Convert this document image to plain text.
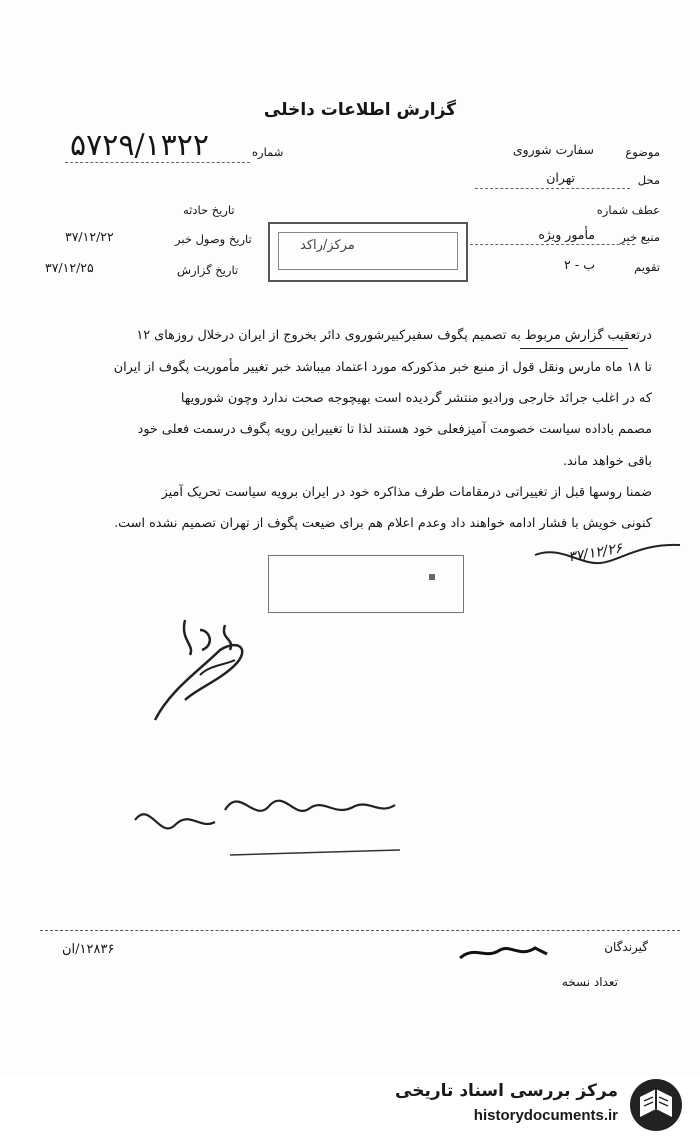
گزارش اطلاعات داخلی
شماره
۵۷۲۹/۱۳۲۲	موضوع
سفارت شوروی
محل
تهران
عطف شماره
منبع خبر
مأمور ویژه
تقویم
ب - ۲
تاریخ حادثه
تاریخ وصول خبر
۳۷/۱۲/۲۲
تاریخ گزارش
۳۷/۱۲/۲۵
مرکز/راکد
درتعقیب گزارش مربوط به تصمیم پگوف سفیرکبیرشوروی دائر بخروج از ایران درخلال روزهای ۱۲
تا ۱۸ ماه مارس ونقل قول از منبع خبر مذکورکه مورد اعتماد میباشد خبر تغییر مأموریت پگوف از ایران
که در اغلب جرائد خارجی ورادیو منتشر گردیده است بهیچوجه صحت ندارد وچون شورویها
مصمم باداده سیاست خصومت آمیزفعلی خود هستند لذا تا تغییراین رویه پگوف درسمت فعلی خود
باقی خواهد ماند.
ضمنا روسها قبل از تغییراتی درمقامات طرف مذاکره خود در ایران برویه سیاست تحریک آمیز
کنونی خویش با فشار ادامه خواهند داد وعدم اعلام هم برای ضیعت پگوف از تهران تصمیم نشده است.
۳۷/۱۲/۲۶
گیرندگان
تعداد نسخه
۱۲۸۳۶/ان
مرکز بررسی اسناد تاریخی
historydocuments.ir
